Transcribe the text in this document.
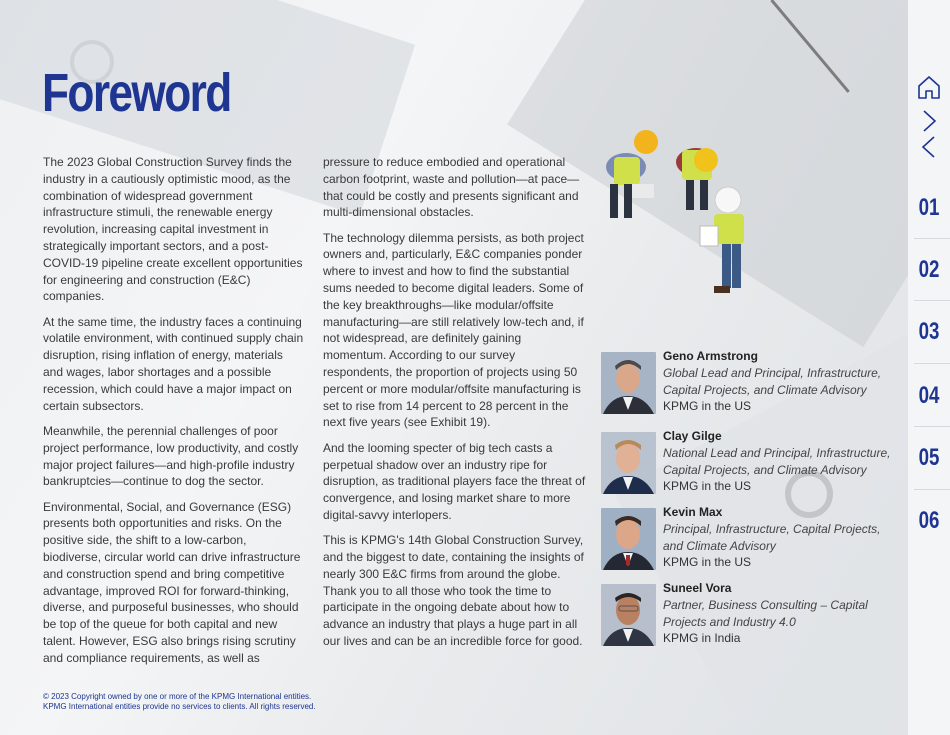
Foreword

The 2023 Global Construction Survey finds the industry in a cautiously optimistic mood, as the combination of widespread government infrastructure stimuli, the renewable energy revolution, increasing capital investment in strategically important sectors, and a post-COVID-19 pipeline create excellent opportunities for engineering and construction (E&C) companies.

At the same time, the industry faces a continuing volatile environment, with continued supply chain disruption, rising inflation of energy, materials and wages, labor shortages and a possible recession, which could have a major impact on certain subsectors.

Meanwhile, the perennial challenges of poor project performance, low productivity, and costly major project failures—and high-profile industry bankruptcies—continue to dog the sector.

Environmental, Social, and Governance (ESG) presents both opportunities and risks. On the positive side, the shift to a low-carbon, biodiverse, circular world can drive infrastructure and construction spend and bring competitive advantage, improved ROI for forward-thinking, diverse, and purposeful businesses, who should be top of the queue for both capital and new talent. However, ESG also brings rising scrutiny and compliance requirements, as well as

pressure to reduce embodied and operational carbon footprint, waste and pollution—at pace—that could be costly and presents significant and multi-dimensional obstacles.

The technology dilemma persists, as both project owners and, particularly, E&C companies ponder where to invest and how to find the substantial sums needed to become digital leaders. Some of the key breakthroughs—like modular/offsite manufacturing—are still relatively low-tech and, if not widespread, are definitely gaining momentum. According to our survey respondents, the proportion of projects using 50 percent or more modular/offsite manufacturing is set to rise from 14 percent to 28 percent in the next five years (see Exhibit 19).

And the looming specter of big tech casts a perpetual shadow over an industry ripe for disruption, as traditional players face the threat of convergence, and losing market share to more digital-savvy interlopers.

This is KPMG's 14th Global Construction Survey, and the biggest to date, containing the insights of nearly 300 E&C firms from around the globe. Thank you to all those who took the time to participate in the ongoing debate about how to advance an industry that plays a huge part in all our lives and can be an incredible force for good.

Geno Armstrong
Global Lead and Principal, Infrastructure, Capital Projects, and Climate Advisory
KPMG in the US
Clay Gilge
National Lead and Principal, Infrastructure, Capital Projects, and Climate Advisory
KPMG in the US
Kevin Max
Principal, Infrastructure, Capital Projects, and Climate Advisory
KPMG in the US
Suneel Vora
Partner, Business Consulting – Capital Projects and Industry 4.0
KPMG in India
© 2023 Copyright owned by one or more of the KPMG International entities.
KPMG International entities provide no services to clients. All rights reserved.
01
02
03
04
05
06
